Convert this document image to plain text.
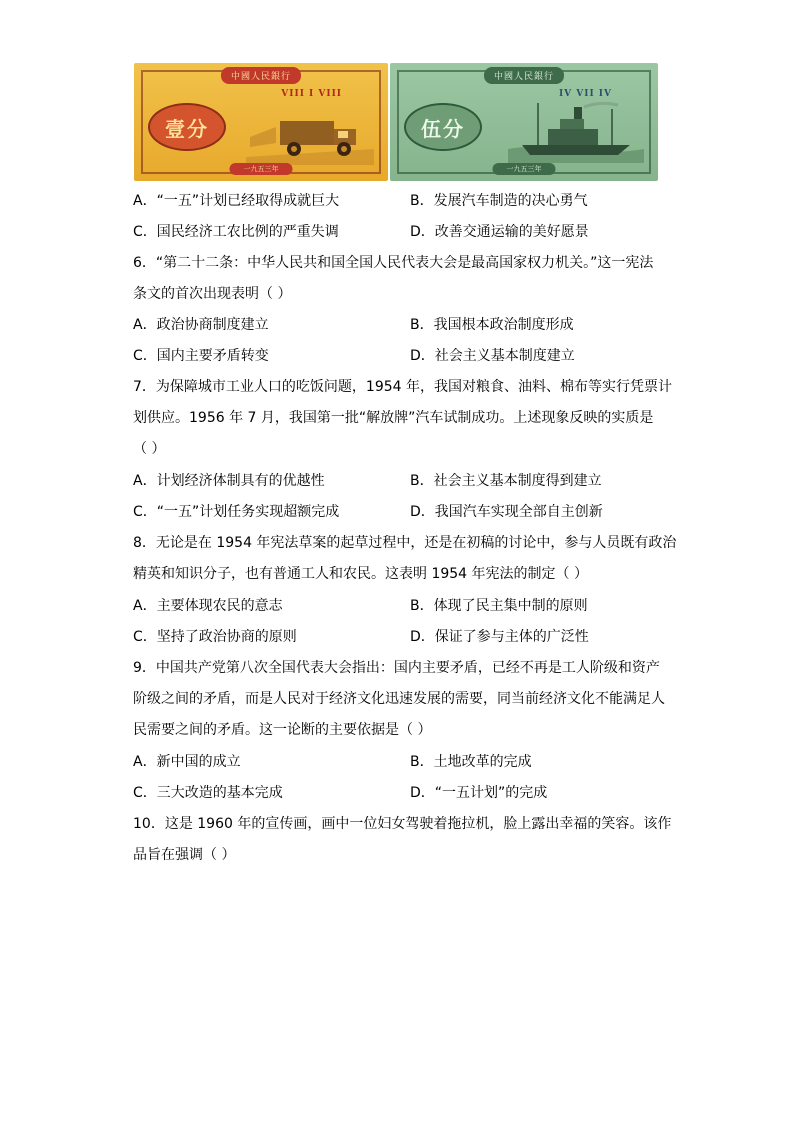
中國人民銀行
壹分
VIII I VIII
一九五三年
中國人民銀行
伍分
IV VII IV
一九五三年
A．“一五”计划已经取得成就巨大	B．发展汽车制造的决心勇气
C．国民经济工农比例的严重失调	D．改善交通运输的美好愿景
6．“第二十二条：中华人民共和国全国人民代表大会是最高国家权力机关。”这一宪法
条文的首次出现表明（ ）
A．政治协商制度建立	B．我国根本政治制度形成
C．国内主要矛盾转变	D．社会主义基本制度建立
7．为保障城市工业人口的吃饭问题，1954 年，我国对粮食、油料、棉布等实行凭票计
划供应。1956 年 7 月，我国第一批“解放牌”汽车试制成功。上述现象反映的实质是
（ ）
A．计划经济体制具有的优越性	B．社会主义基本制度得到建立
C．“一五”计划任务实现超额完成	D．我国汽车实现全部自主创新
8．无论是在 1954 年宪法草案的起草过程中，还是在初稿的讨论中，参与人员既有政治
精英和知识分子，也有普通工人和农民。这表明 1954 年宪法的制定（ ）
A．主要体现农民的意志	B．体现了民主集中制的原则
C．坚持了政治协商的原则	D．保证了参与主体的广泛性
9．中国共产党第八次全国代表大会指出：国内主要矛盾，已经不再是工人阶级和资产
阶级之间的矛盾，而是人民对于经济文化迅速发展的需要，同当前经济文化不能满足人
民需要之间的矛盾。这一论断的主要依据是（ ）
A．新中国的成立	B．土地改革的完成
C．三大改造的基本完成	D．“一五计划”的完成
10．这是 1960 年的宣传画，画中一位妇女驾驶着拖拉机，脸上露出幸福的笑容。该作
品旨在强调（ ）
